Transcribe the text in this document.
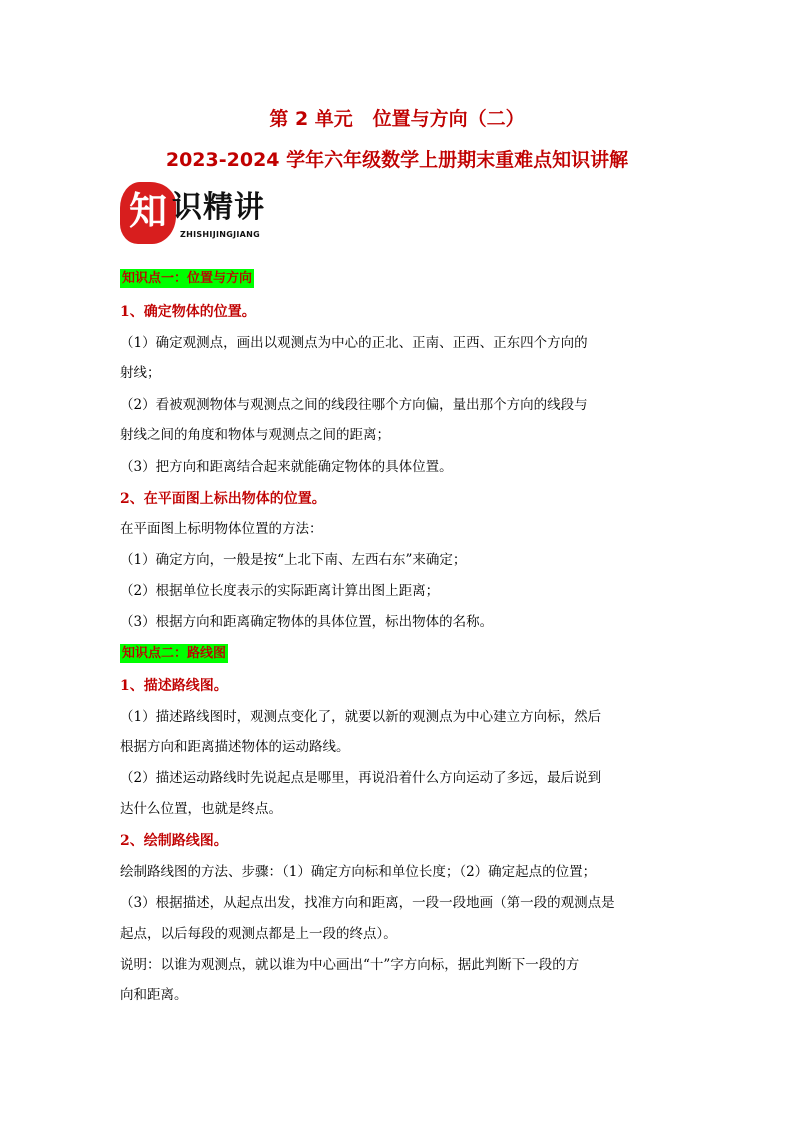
第 2 单元   位置与方向（二）
2023-2024 学年六年级数学上册期末重难点知识讲解
知 识精讲
ZHISHIJINGJIANG
知识点一：位置与方向
1、确定物体的位置。
（1）确定观测点，画出以观测点为中心的正北、正南、正西、正东四个方向的
射线；
（2）看被观测物体与观测点之间的线段往哪个方向偏，量出那个方向的线段与
射线之间的角度和物体与观测点之间的距离；
（3）把方向和距离结合起来就能确定物体的具体位置。
2、在平面图上标出物体的位置。
在平面图上标明物体位置的方法：
（1）确定方向，一般是按“上北下南、左西右东”来确定；
（2）根据单位长度表示的实际距离计算出图上距离；
（3）根据方向和距离确定物体的具体位置，标出物体的名称。
知识点二：路线图
1、描述路线图。
（1）描述路线图时，观测点变化了，就要以新的观测点为中心建立方向标，然后
根据方向和距离描述物体的运动路线。
（2）描述运动路线时先说起点是哪里，再说沿着什么方向运动了多远，最后说到
达什么位置，也就是终点。
2、绘制路线图。
绘制路线图的方法、步骤：（1）确定方向标和单位长度；（2）确定起点的位置；
（3）根据描述，从起点出发，找准方向和距离，一段一段地画（第一段的观测点是
起点，以后每段的观测点都是上一段的终点）。
说明：以谁为观测点，就以谁为中心画出“十”字方向标，据此判断下一段的方
向和距离。
